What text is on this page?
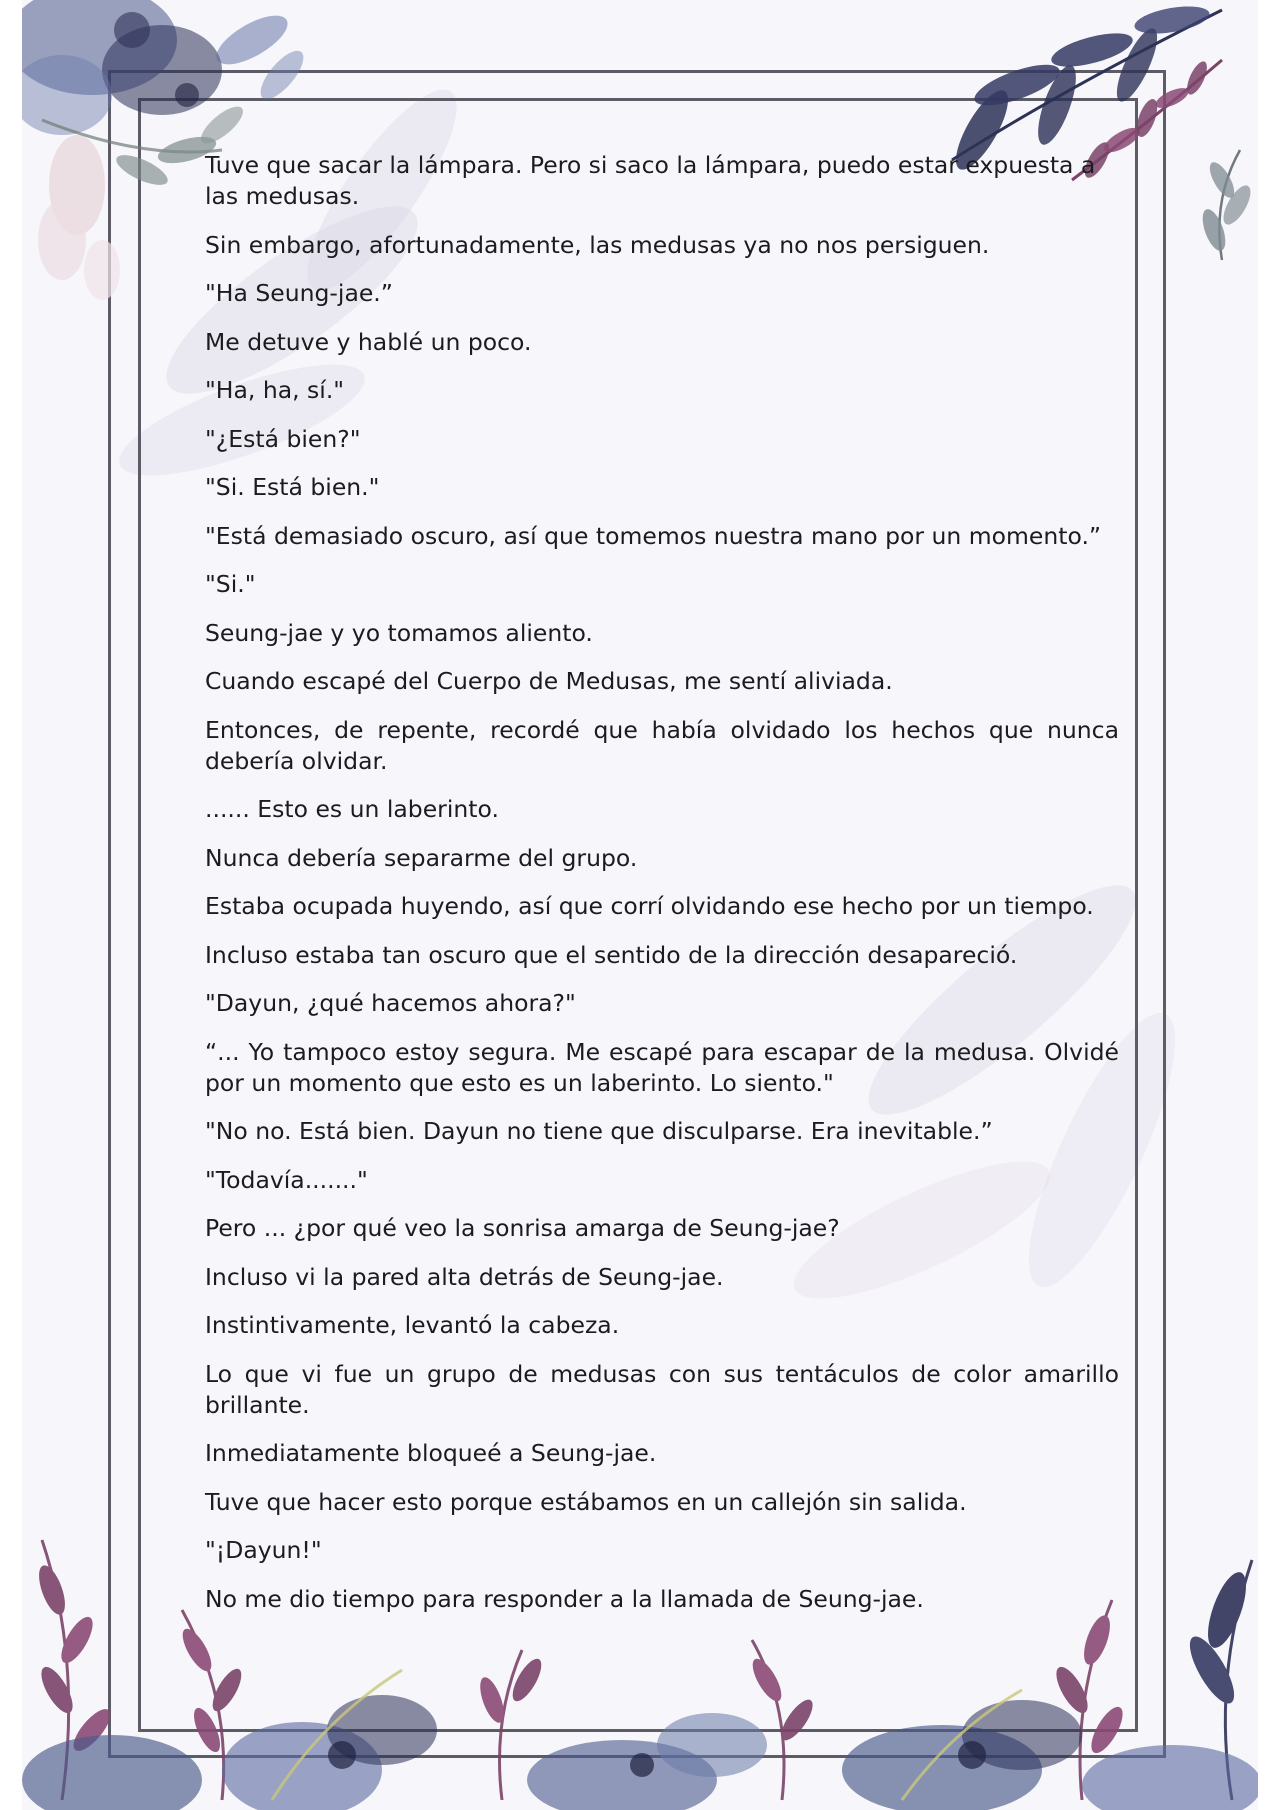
Tuve que sacar la lámpara. Pero si saco la lámpara, puedo estar expuesta a las medusas.

Sin embargo, afortunadamente, las medusas ya no nos persiguen.

"Ha Seung-jae.”

Me detuve y hablé un poco.

"Ha, ha, sí."

"¿Está bien?"

"Si. Está bien."

"Está demasiado oscuro, así que tomemos nuestra mano por un momento.”

"Si."

Seung-jae y yo tomamos aliento.

Cuando escapé del Cuerpo de Medusas, me sentí aliviada.

Entonces, de repente, recordé que había olvidado los hechos que nunca debería olvidar.

...... Esto es un laberinto.

Nunca debería separarme del grupo.

Estaba ocupada huyendo, así que corrí olvidando ese hecho por un tiempo.

Incluso estaba tan oscuro que el sentido de la dirección desapareció.

"Dayun, ¿qué hacemos ahora?"

“... Yo tampoco estoy segura. Me escapé para escapar de la medusa. Olvidé por un momento que esto es un laberinto. Lo siento."

"No no. Está bien. Dayun no tiene que disculparse. Era inevitable.”

"Todavía......."

Pero ... ¿por qué veo la sonrisa amarga de Seung-jae?

Incluso vi la pared alta detrás de Seung-jae.

Instintivamente, levantó la cabeza.

Lo que vi fue un grupo de medusas con sus tentáculos de color amarillo brillante.

Inmediatamente bloqueé a Seung-jae.

Tuve que hacer esto porque estábamos en un callejón sin salida.

"¡Dayun!"

No me dio tiempo para responder a la llamada de Seung-jae.
